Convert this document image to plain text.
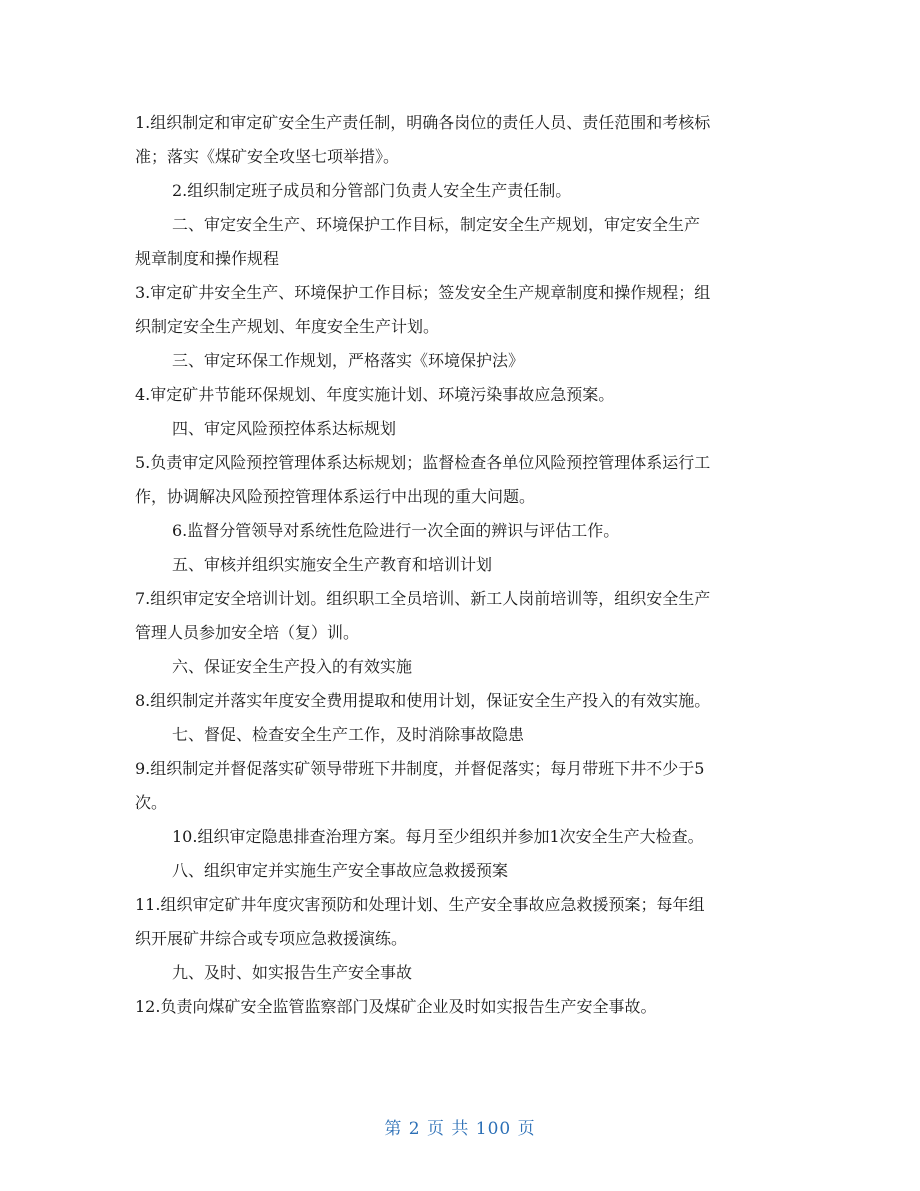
1.组织制定和审定矿安全生产责任制，明确各岗位的责任人员、责任范围和考核标
准；落实《煤矿安全攻坚七项举措》。
2.组织制定班子成员和分管部门负责人安全生产责任制。
二、审定安全生产、环境保护工作目标，制定安全生产规划，审定安全生产
规章制度和操作规程
3.审定矿井安全生产、环境保护工作目标；签发安全生产规章制度和操作规程；组
织制定安全生产规划、年度安全生产计划。
三、审定环保工作规划，严格落实《环境保护法》
4.审定矿井节能环保规划、年度实施计划、环境污染事故应急预案。
四、审定风险预控体系达标规划
5.负责审定风险预控管理体系达标规划；监督检查各单位风险预控管理体系运行工
作，协调解决风险预控管理体系运行中出现的重大问题。
6.监督分管领导对系统性危险进行一次全面的辨识与评估工作。
五、审核并组织实施安全生产教育和培训计划
7.组织审定安全培训计划。组织职工全员培训、新工人岗前培训等，组织安全生产
管理人员参加安全培（复）训。
六、保证安全生产投入的有效实施
8.组织制定并落实年度安全费用提取和使用计划，保证安全生产投入的有效实施。
七、督促、检查安全生产工作，及时消除事故隐患
9.组织制定并督促落实矿领导带班下井制度，并督促落实；每月带班下井不少于5
次。
10.组织审定隐患排查治理方案。每月至少组织并参加1次安全生产大检查。
八、组织审定并实施生产安全事故应急救援预案
11.组织审定矿井年度灾害预防和处理计划、生产安全事故应急救援预案；每年组
织开展矿井综合或专项应急救援演练。
九、及时、如实报告生产安全事故
12.负责向煤矿安全监管监察部门及煤矿企业及时如实报告生产安全事故。
第 2 页 共 100 页
